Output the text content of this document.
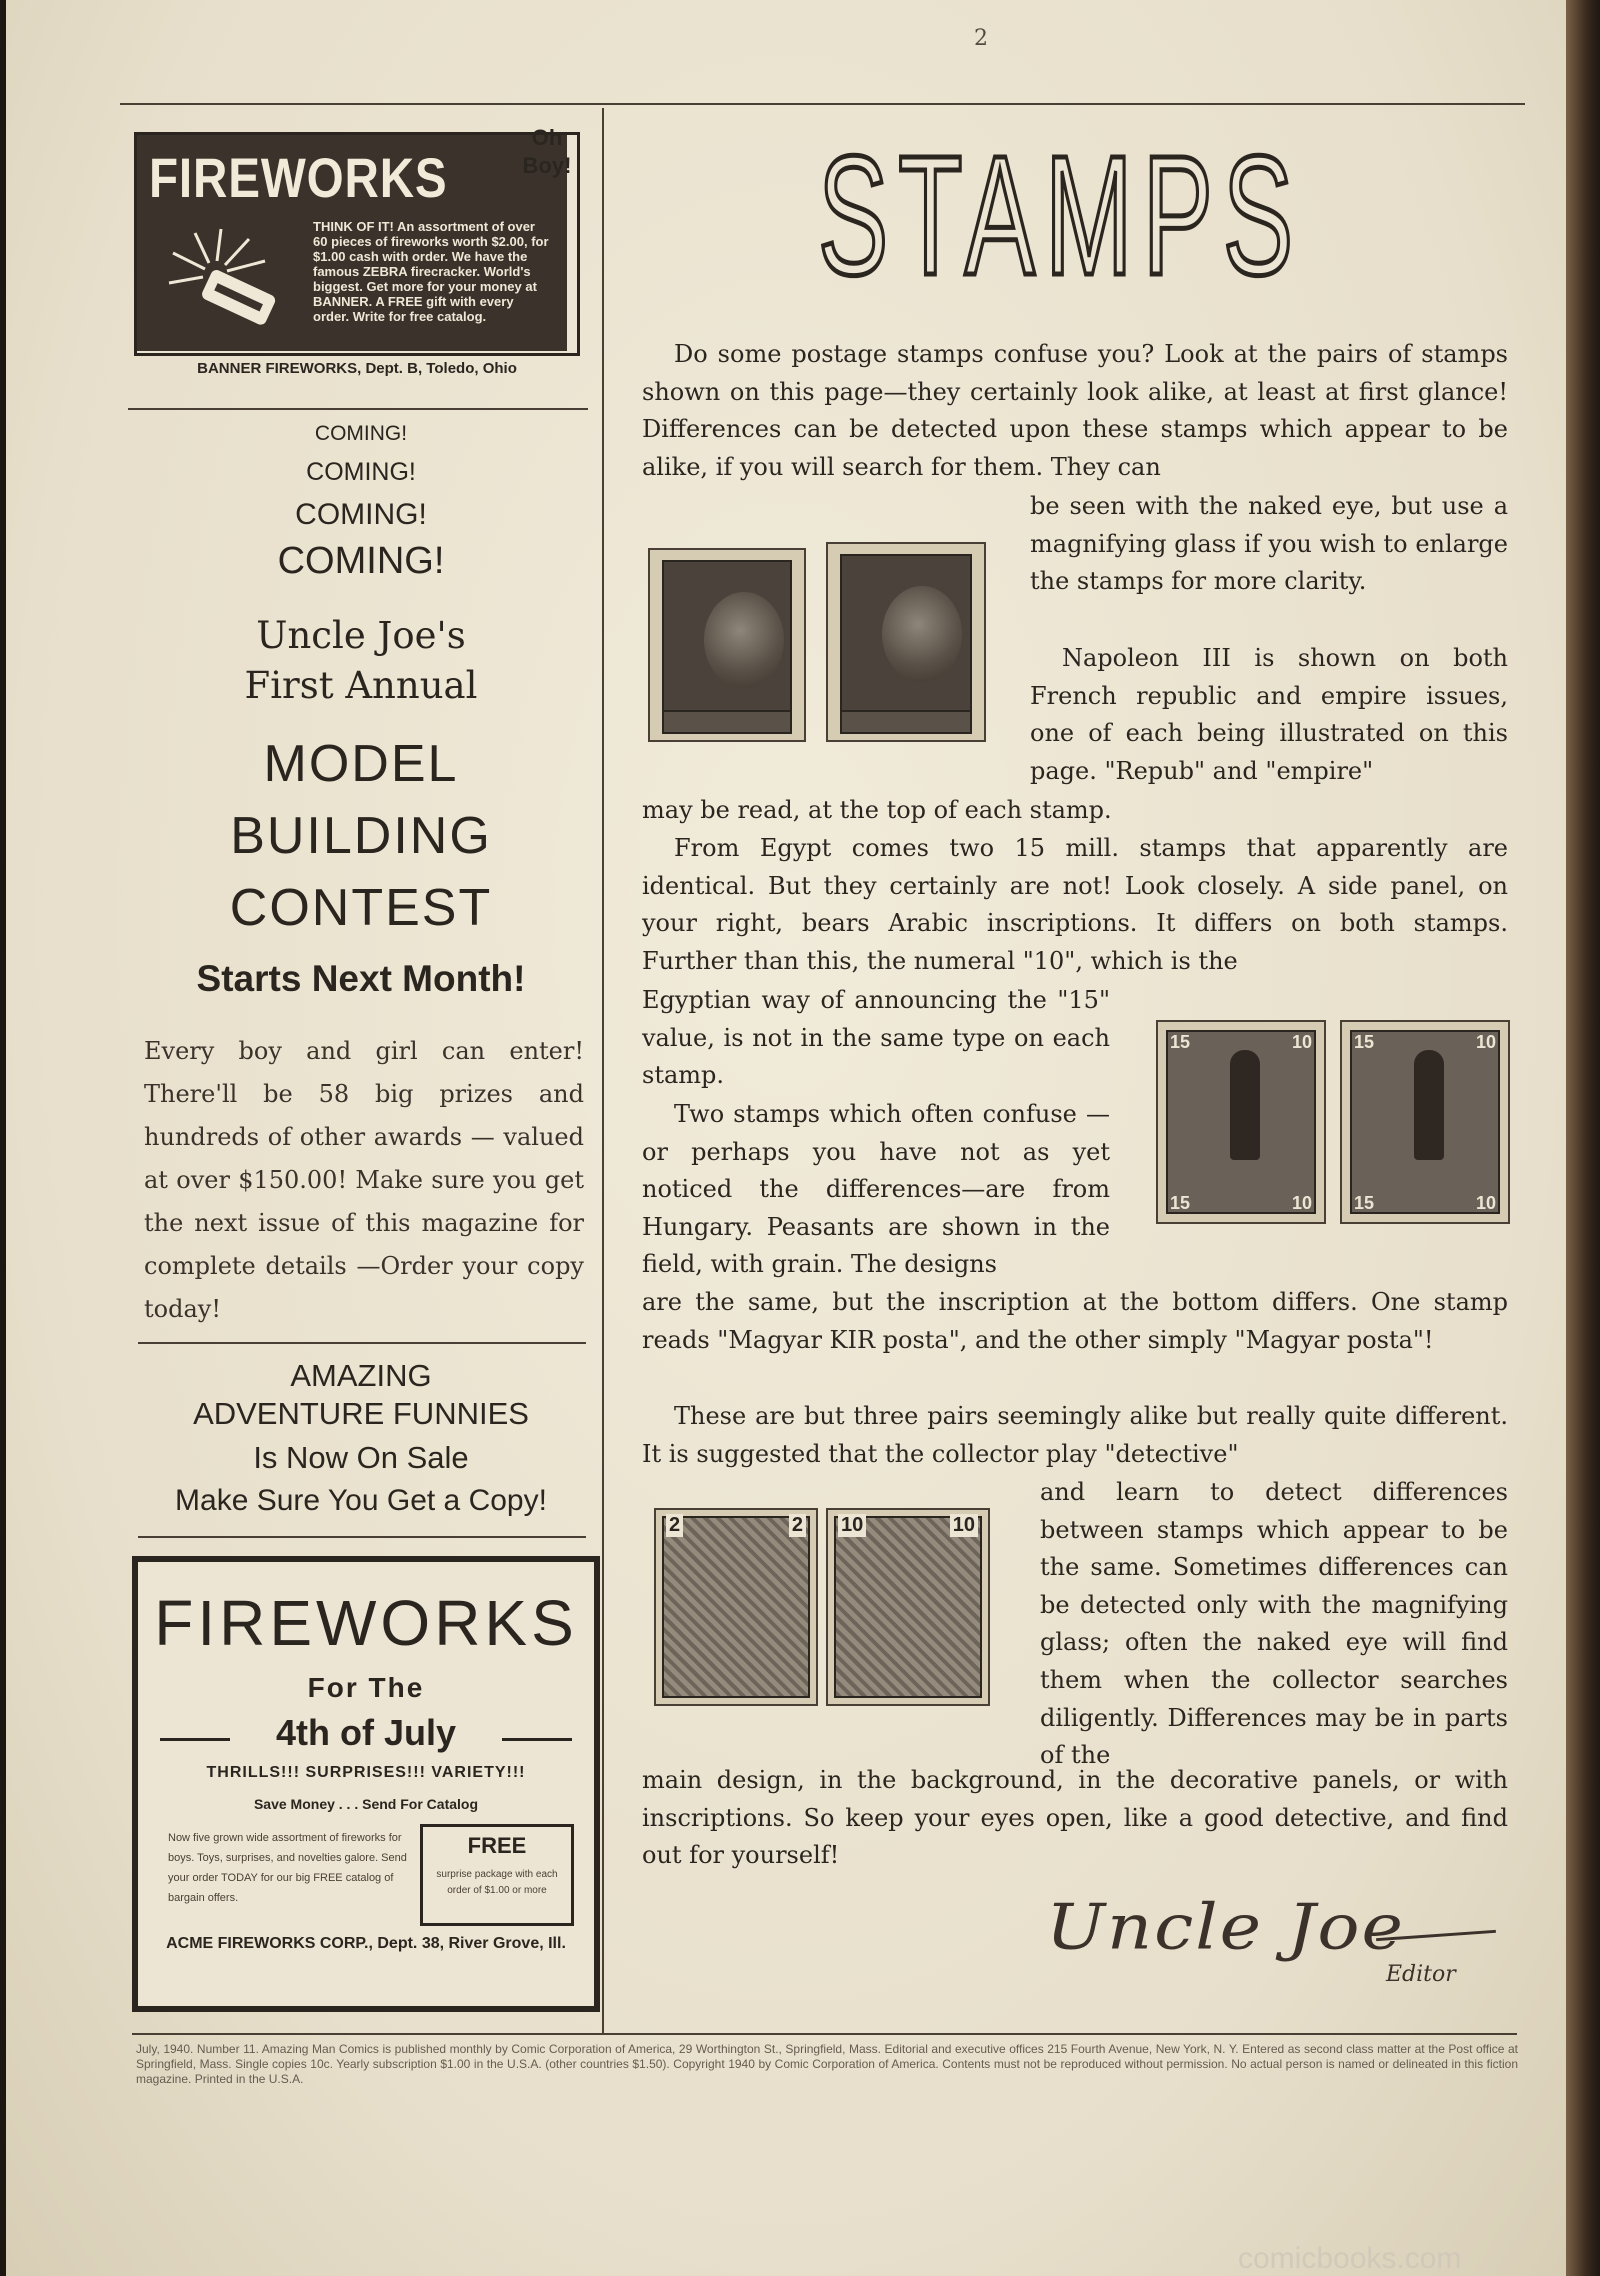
2
FIREWORKS
THINK OF IT! An assortment of over 60 pieces of fireworks worth $2.00, for $1.00 cash with order. We have the famous ZEBRA firecracker. World's biggest. Get more for your money at BANNER. A FREE gift with every order. Write for free catalog.
Oh Boy!
BANNER FIREWORKS, Dept. B, Toledo, Ohio
COMING!
COMING!
COMING!
COMING!
Uncle Joe's
First Annual
MODEL
BUILDING
CONTEST
Starts Next Month!
Every boy and girl can enter! There'll be 58 big prizes and hundreds of other awards — valued at over $150.00! Make sure you get the next issue of this magazine for complete details —Order your copy today!
AMAZING
ADVENTURE FUNNIES
Is Now On Sale
Make Sure You Get a Copy!
FIREWORKS
For The
4th of July
THRILLS!!! SURPRISES!!! VARIETY!!!
Save Money . . . Send For Catalog
Now five grown wide assortment of fireworks for boys. Toys, surprises, and novelties galore. Send your order TODAY for our big FREE catalog of bargain offers.
FREE
surprise package with each order of $1.00 or more
ACME FIREWORKS CORP., Dept. 38, River Grove, Ill.
STAMPS
Do some postage stamps confuse you? Look at the pairs of stamps shown on this page—they certainly look alike, at least at first glance! Differences can be detected upon these stamps which appear to be alike, if you will search for them. They can
be seen with the naked eye, but use a magnifying glass if you wish to enlarge the stamps for more clarity.
Napoleon III is shown on both French republic and empire issues, one of each being illustrated on this page. "Repub" and "empire"
may be read, at the top of each stamp.
From Egypt comes two 15 mill. stamps that apparently are identical. But they certainly are not! Look closely. A side panel, on your right, bears Arabic inscriptions. It differs on both stamps. Further than this, the numeral "10", which is the
Egyptian way of announcing the "15" value, is not in the same type on each stamp.
15	10
15	10
15	10
15	10
Two stamps which often confuse —or perhaps you have not as yet noticed the differences—are from Hungary. Peasants are shown in the field, with grain. The designs
are the same, but the inscription at the bottom differs. One stamp reads "Magyar KIR posta", and the other simply "Magyar posta"!
These are but three pairs seemingly alike but really quite different. It is suggested that the collector play "detective"
and learn to detect differences between stamps which appear to be the same. Sometimes differences can be detected only with the magnifying glass; often the naked eye will find them when the collector searches diligently. Differences may be in parts of the
2	2 10	10
main design, in the background, in the decorative panels, or with inscriptions. So keep your eyes open, like a good detective, and find out for yourself!
Uncle Joe
Editor
July, 1940. Number 11. Amazing Man Comics is published monthly by Comic Corporation of America, 29 Worthington St., Springfield, Mass. Editorial and executive offices 215 Fourth Avenue, New York, N. Y. Entered as second class matter at the Post office at Springfield, Mass. Single copies 10c. Yearly subscription $1.00 in the U.S.A. (other countries $1.50). Copyright 1940 by Comic Corporation of America. Contents must not be reproduced without permission. No actual person is named or delineated in this fiction magazine. Printed in the U.S.A.
comicbooks.com
